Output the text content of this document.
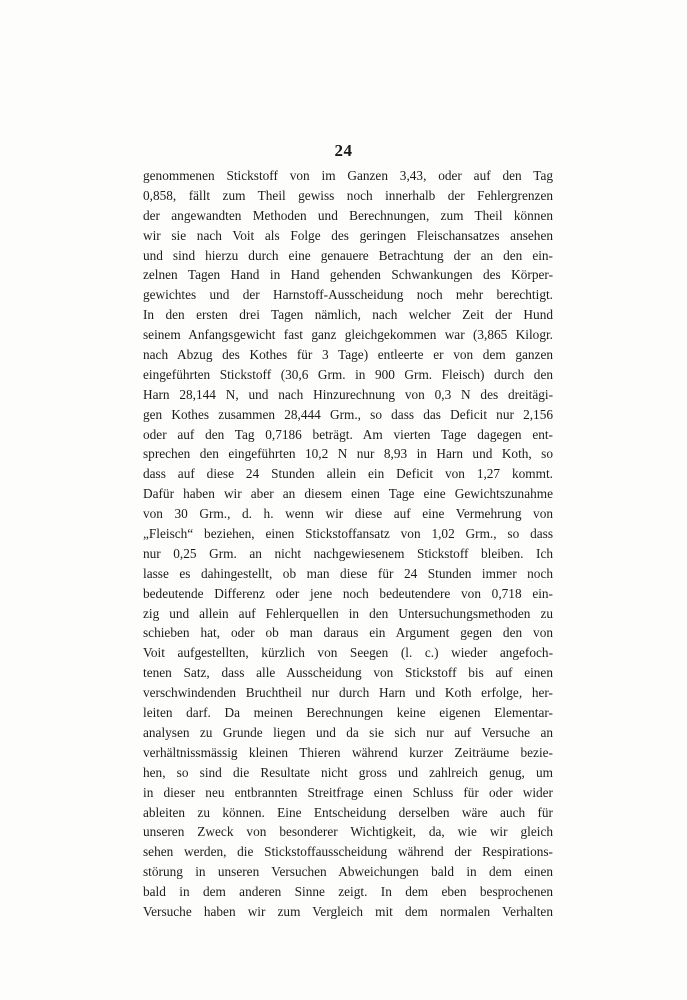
24
genommenen Stickstoff von im Ganzen 3,43, oder auf den Tag
0,858, fällt zum Theil gewiss noch innerhalb der Fehlergrenzen
der angewandten Methoden und Berechnungen, zum Theil können
wir sie nach Voit als Folge des geringen Fleischansatzes ansehen
und sind hierzu durch eine genauere Betrachtung der an den ein-
zelnen Tagen Hand in Hand gehenden Schwankungen des Körper-
gewichtes und der Harnstoff-Ausscheidung noch mehr berechtigt.
In den ersten drei Tagen nämlich, nach welcher Zeit der Hund
seinem Anfangsgewicht fast ganz gleichgekommen war (3,865 Kilogr.
nach Abzug des Kothes für 3 Tage) entleerte er von dem ganzen
eingeführten Stickstoff (30,6 Grm. in 900 Grm. Fleisch) durch den
Harn 28,144 N, und nach Hinzurechnung von 0,3 N des dreitägi-
gen Kothes zusammen 28,444 Grm., so dass das Deficit nur 2,156
oder auf den Tag 0,7186 beträgt. Am vierten Tage dagegen ent-
sprechen den eingeführten 10,2 N nur 8,93 in Harn und Koth, so
dass auf diese 24 Stunden allein ein Deficit von 1,27 kommt.
Dafür haben wir aber an diesem einen Tage eine Gewichtszunahme
von 30 Grm., d. h. wenn wir diese auf eine Vermehrung von
„Fleisch“ beziehen, einen Stickstoffansatz von 1,02 Grm., so dass
nur 0,25 Grm. an nicht nachgewiesenem Stickstoff bleiben. Ich
lasse es dahingestellt, ob man diese für 24 Stunden immer noch
bedeutende Differenz oder jene noch bedeutendere von 0,718 ein-
zig und allein auf Fehlerquellen in den Untersuchungsmethoden zu
schieben hat, oder ob man daraus ein Argument gegen den von
Voit aufgestellten, kürzlich von Seegen (l. c.) wieder angefoch-
tenen Satz, dass alle Ausscheidung von Stickstoff bis auf einen
verschwindenden Bruchtheil nur durch Harn und Koth erfolge, her-
leiten darf. Da meinen Berechnungen keine eigenen Elementar-
analysen zu Grunde liegen und da sie sich nur auf Versuche an
verhältnissmässig kleinen Thieren während kurzer Zeiträume bezie-
hen, so sind die Resultate nicht gross und zahlreich genug, um
in dieser neu entbrannten Streitfrage einen Schluss für oder wider
ableiten zu können. Eine Entscheidung derselben wäre auch für
unseren Zweck von besonderer Wichtigkeit, da, wie wir gleich
sehen werden, die Stickstoffausscheidung während der Respirations-
störung in unseren Versuchen Abweichungen bald in dem einen
bald in dem anderen Sinne zeigt. In dem eben besprochenen
Versuche haben wir zum Vergleich mit dem normalen Verhalten
